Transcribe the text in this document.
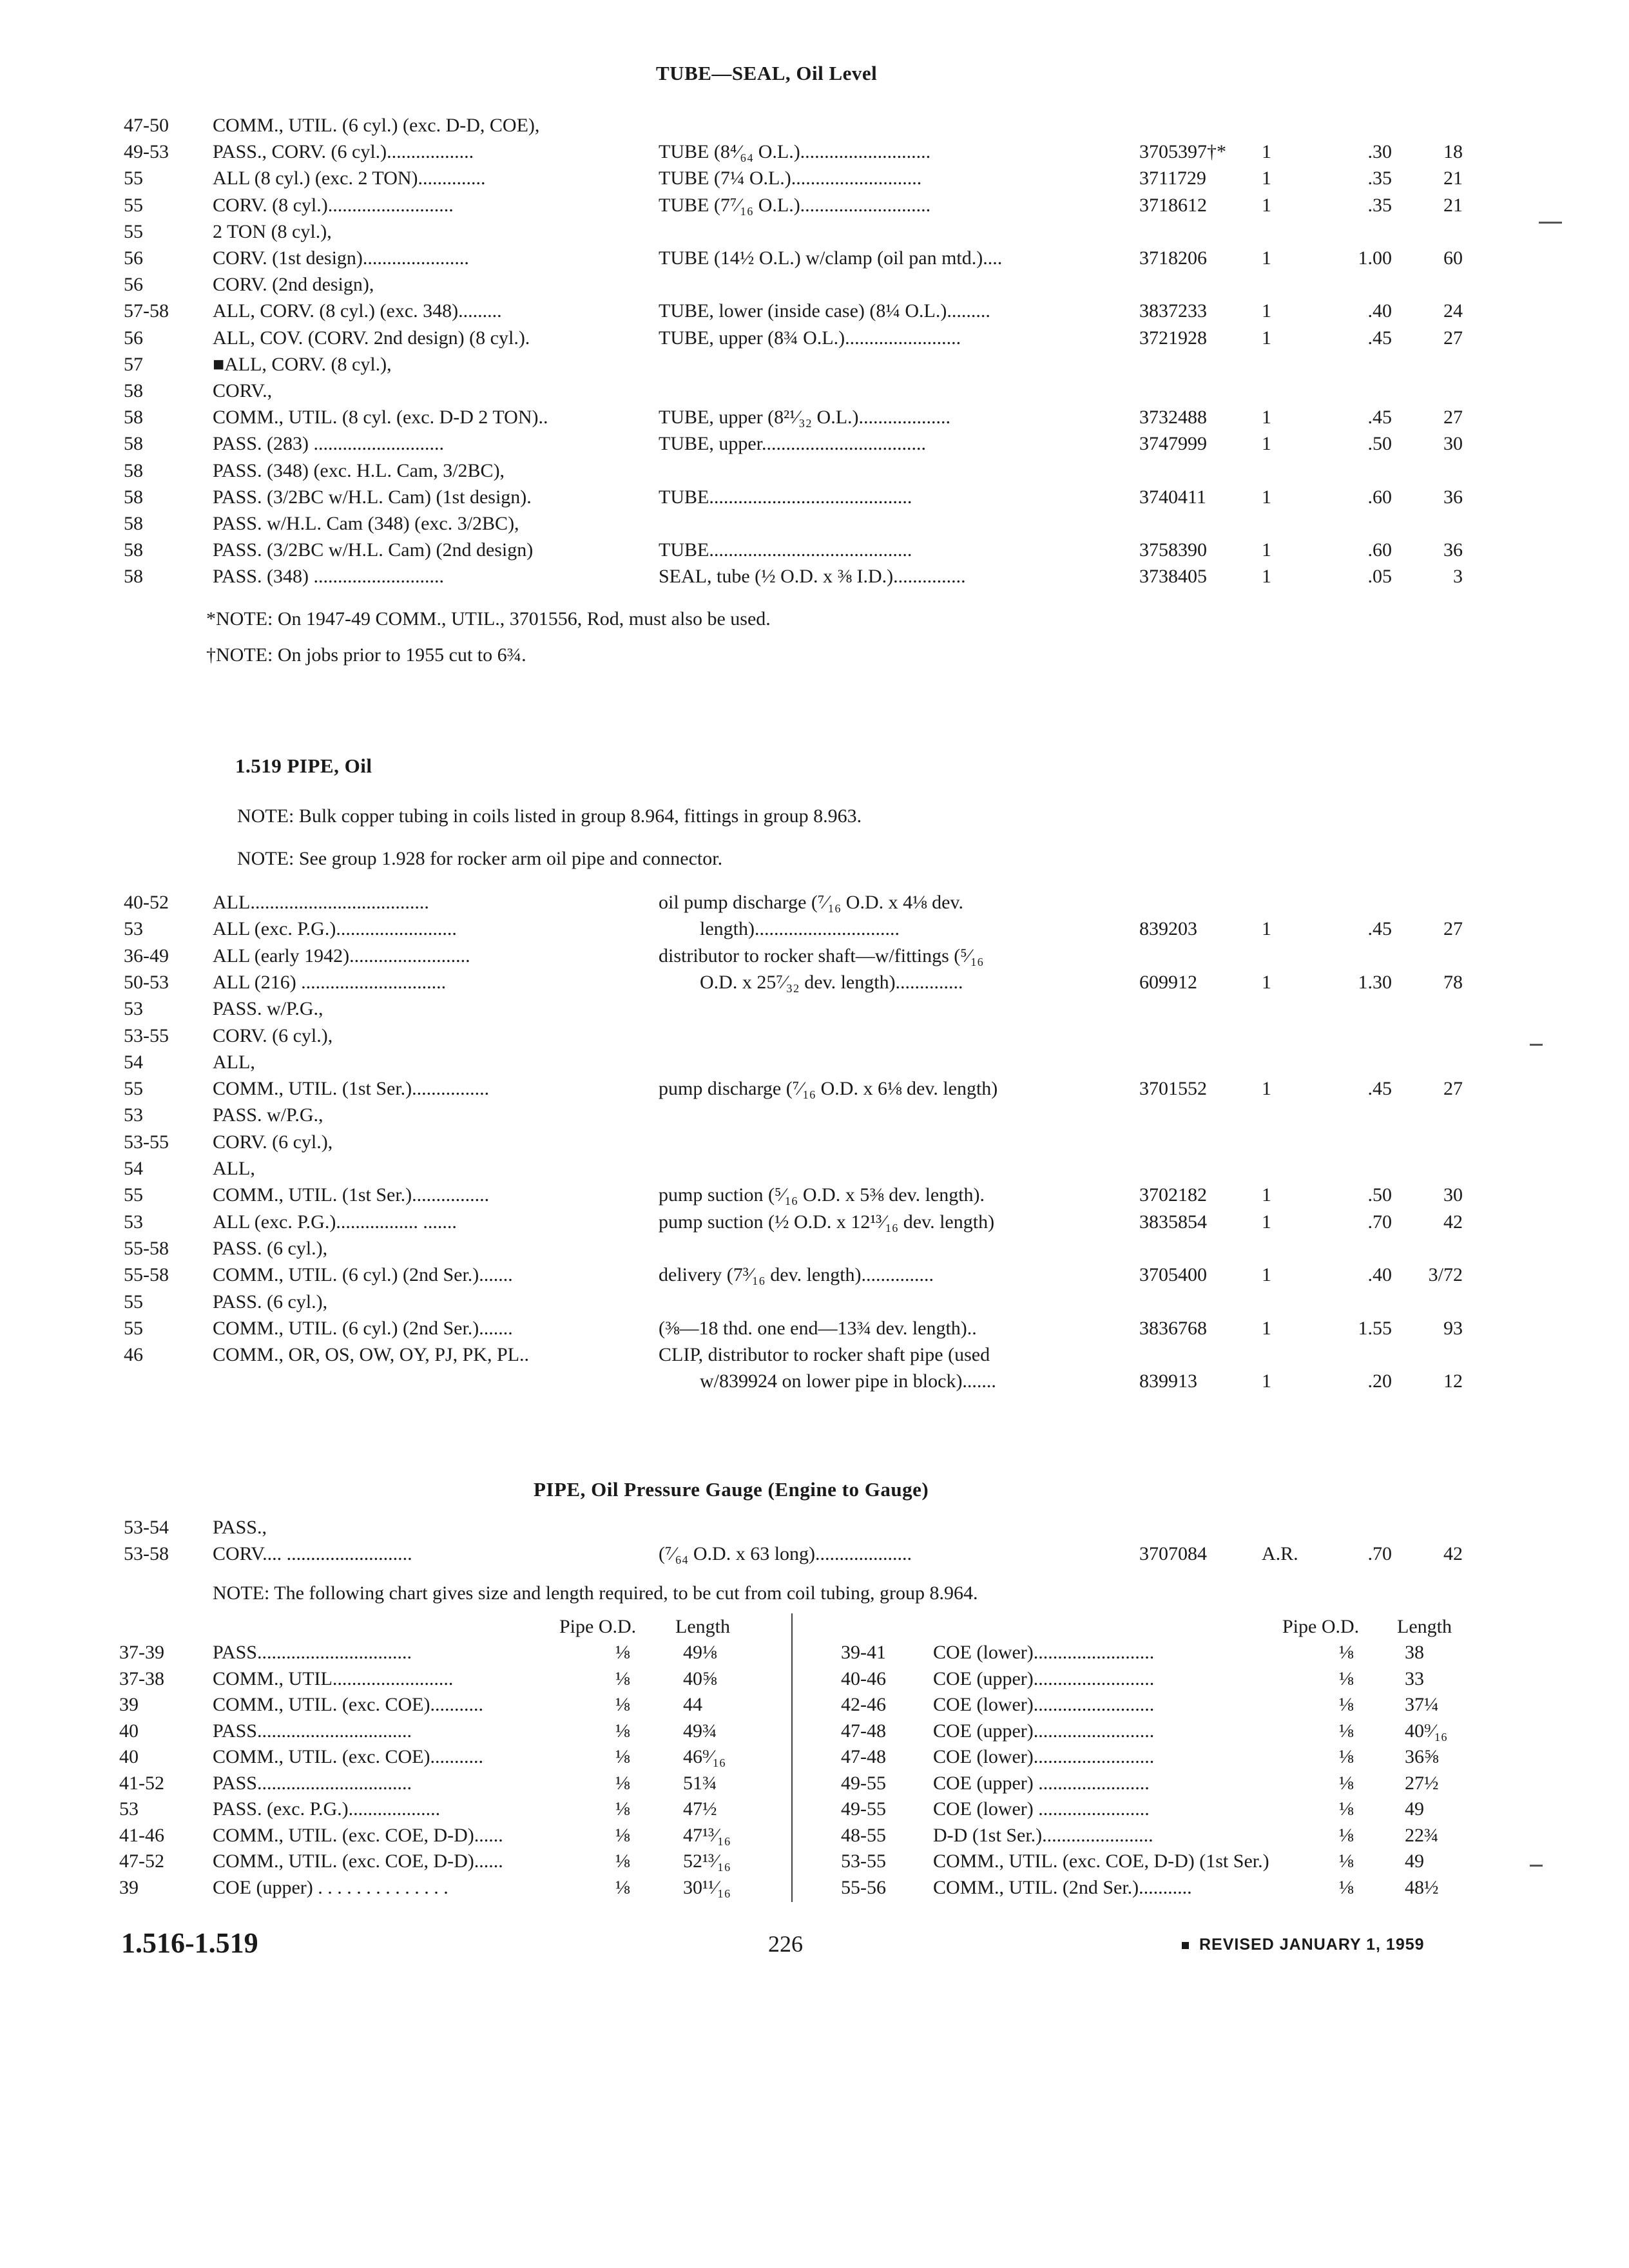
TUBE—SEAL, Oil Level
47-50	COMM., UTIL. (6 cyl.) (exc. D-D, COE),
49-53	PASS., CORV. (6 cyl.)..................	TUBE (8⁴⁄₆₄ O.L.)...........................	3705397†*	1	.30	18
55	ALL (8 cyl.) (exc. 2 TON)..............	TUBE (7¼ O.L.)...........................	3711729	1	.35	21
55	CORV. (8 cyl.)..........................	TUBE (7⁷⁄₁₆ O.L.)...........................	3718612	1	.35	21
55	2 TON (8 cyl.),
56	CORV. (1st design)......................	TUBE (14½ O.L.) w/clamp (oil pan mtd.)....	3718206	1	1.00	60
56	CORV. (2nd design),
57-58	ALL, CORV. (8 cyl.) (exc. 348).........	TUBE, lower (inside case) (8¼ O.L.).........	3837233	1	.40	24
56	ALL, COV. (CORV. 2nd design) (8 cyl.).	TUBE, upper (8¾ O.L.)........................	3721928	1	.45	27
57	■ALL, CORV. (8 cyl.),
58	CORV.,
58	COMM., UTIL. (8 cyl. (exc. D-D 2 TON)..	TUBE, upper (8²¹⁄₃₂ O.L.)...................	3732488	1	.45	27
58	PASS. (283) ...........................	TUBE, upper..................................	3747999	1	.50	30
58	PASS. (348) (exc. H.L. Cam, 3/2BC),
58	PASS. (3/2BC w/H.L. Cam) (1st design).	TUBE..........................................	3740411	1	.60	36
58	PASS. w/H.L. Cam (348) (exc. 3/2BC),
58	PASS. (3/2BC w/H.L. Cam) (2nd design)	TUBE..........................................	3758390	1	.60	36
58	PASS. (348) ...........................	SEAL, tube (½ O.D. x ⅜ I.D.)...............	3738405	1	.05	3
*NOTE: On 1947-49 COMM., UTIL., 3701556, Rod, must also be used.
†NOTE: On jobs prior to 1955 cut to 6¾.
1.519 PIPE, Oil
NOTE: Bulk copper tubing in coils listed in group 8.964, fittings in group 8.963.
NOTE: See group 1.928 for rocker arm oil pipe and connector.
40-52	ALL.....................................	oil pump discharge (⁷⁄₁₆ O.D. x 4⅛ dev.
53	ALL (exc. P.G.).........................	length)..............................	839203	1	.45	27
36-49	ALL (early 1942).........................	distributor to rocker shaft—w/fittings (⁵⁄₁₆
50-53	ALL (216) ..............................	O.D. x 25⁷⁄₃₂ dev. length)..............	609912	1	1.30	78
53	PASS. w/P.G.,
53-55	CORV. (6 cyl.),
54	ALL,
55	COMM., UTIL. (1st Ser.)................	pump discharge (⁷⁄₁₆ O.D. x 6⅛ dev. length)	3701552	1	.45	27
53	PASS. w/P.G.,
53-55	CORV. (6 cyl.),
54	ALL,
55	COMM., UTIL. (1st Ser.)................	pump suction (⁵⁄₁₆ O.D. x 5⅜ dev. length).	3702182	1	.50	30
53	ALL (exc. P.G.)................. .......	pump suction (½ O.D. x 12¹³⁄₁₆ dev. length)	3835854	1	.70	42
55-58	PASS. (6 cyl.),
55-58	COMM., UTIL. (6 cyl.) (2nd Ser.).......	delivery (7³⁄₁₆ dev. length)...............	3705400	1	.40	3/72
55	PASS. (6 cyl.),
55	COMM., UTIL. (6 cyl.) (2nd Ser.).......	(⅜—18 thd. one end—13¾ dev. length)..	3836768	1	1.55	93
46	COMM., OR, OS, OW, OY, PJ, PK, PL..	CLIP, distributor to rocker shaft pipe (used
w/839924 on lower pipe in block).......	839913	1	.20	12
PIPE, Oil Pressure Gauge (Engine to Gauge)
53-54	PASS.,
53-58	CORV.... ..........................	(⁷⁄₆₄ O.D. x 63 long)....................	3707084	A.R.	.70	42
NOTE: The following chart gives size and length required, to be cut from coil tubing, group 8.964.
Pipe O.D. Length	Pipe O.D. Length
37-39	PASS................................	⅛	49⅛
37-38	COMM., UTIL.........................	⅛	40⅝
39	COMM., UTIL. (exc. COE)...........	⅛	44
40	PASS................................	⅛	49¾
40	COMM., UTIL. (exc. COE)...........	⅛	46⁹⁄₁₆
41-52	PASS................................	⅛	51¾
53	PASS. (exc. P.G.)...................	⅛	47½
41-46	COMM., UTIL. (exc. COE, D-D)......	⅛	47¹³⁄₁₆
47-52	COMM., UTIL. (exc. COE, D-D)......	⅛	52¹³⁄₁₆
39	COE (upper) . . . . . . . . . . . . . .	⅛	30¹¹⁄₁₆
39-41	COE (lower).........................	⅛	38
40-46	COE (upper).........................	⅛	33
42-46	COE (lower).........................	⅛	37¼
47-48	COE (upper).........................	⅛	40⁹⁄₁₆
47-48	COE (lower).........................	⅛	36⅝
49-55	COE (upper) .......................	⅛	27½
49-55	COE (lower) .......................	⅛	49
48-55	D-D (1st Ser.).......................	⅛	22¾
53-55	COMM., UTIL. (exc. COE, D-D) (1st Ser.)	⅛	49
55-56	COMM., UTIL. (2nd Ser.)...........	⅛	48½
1.516-1.519	226	REVISED JANUARY 1, 1959
